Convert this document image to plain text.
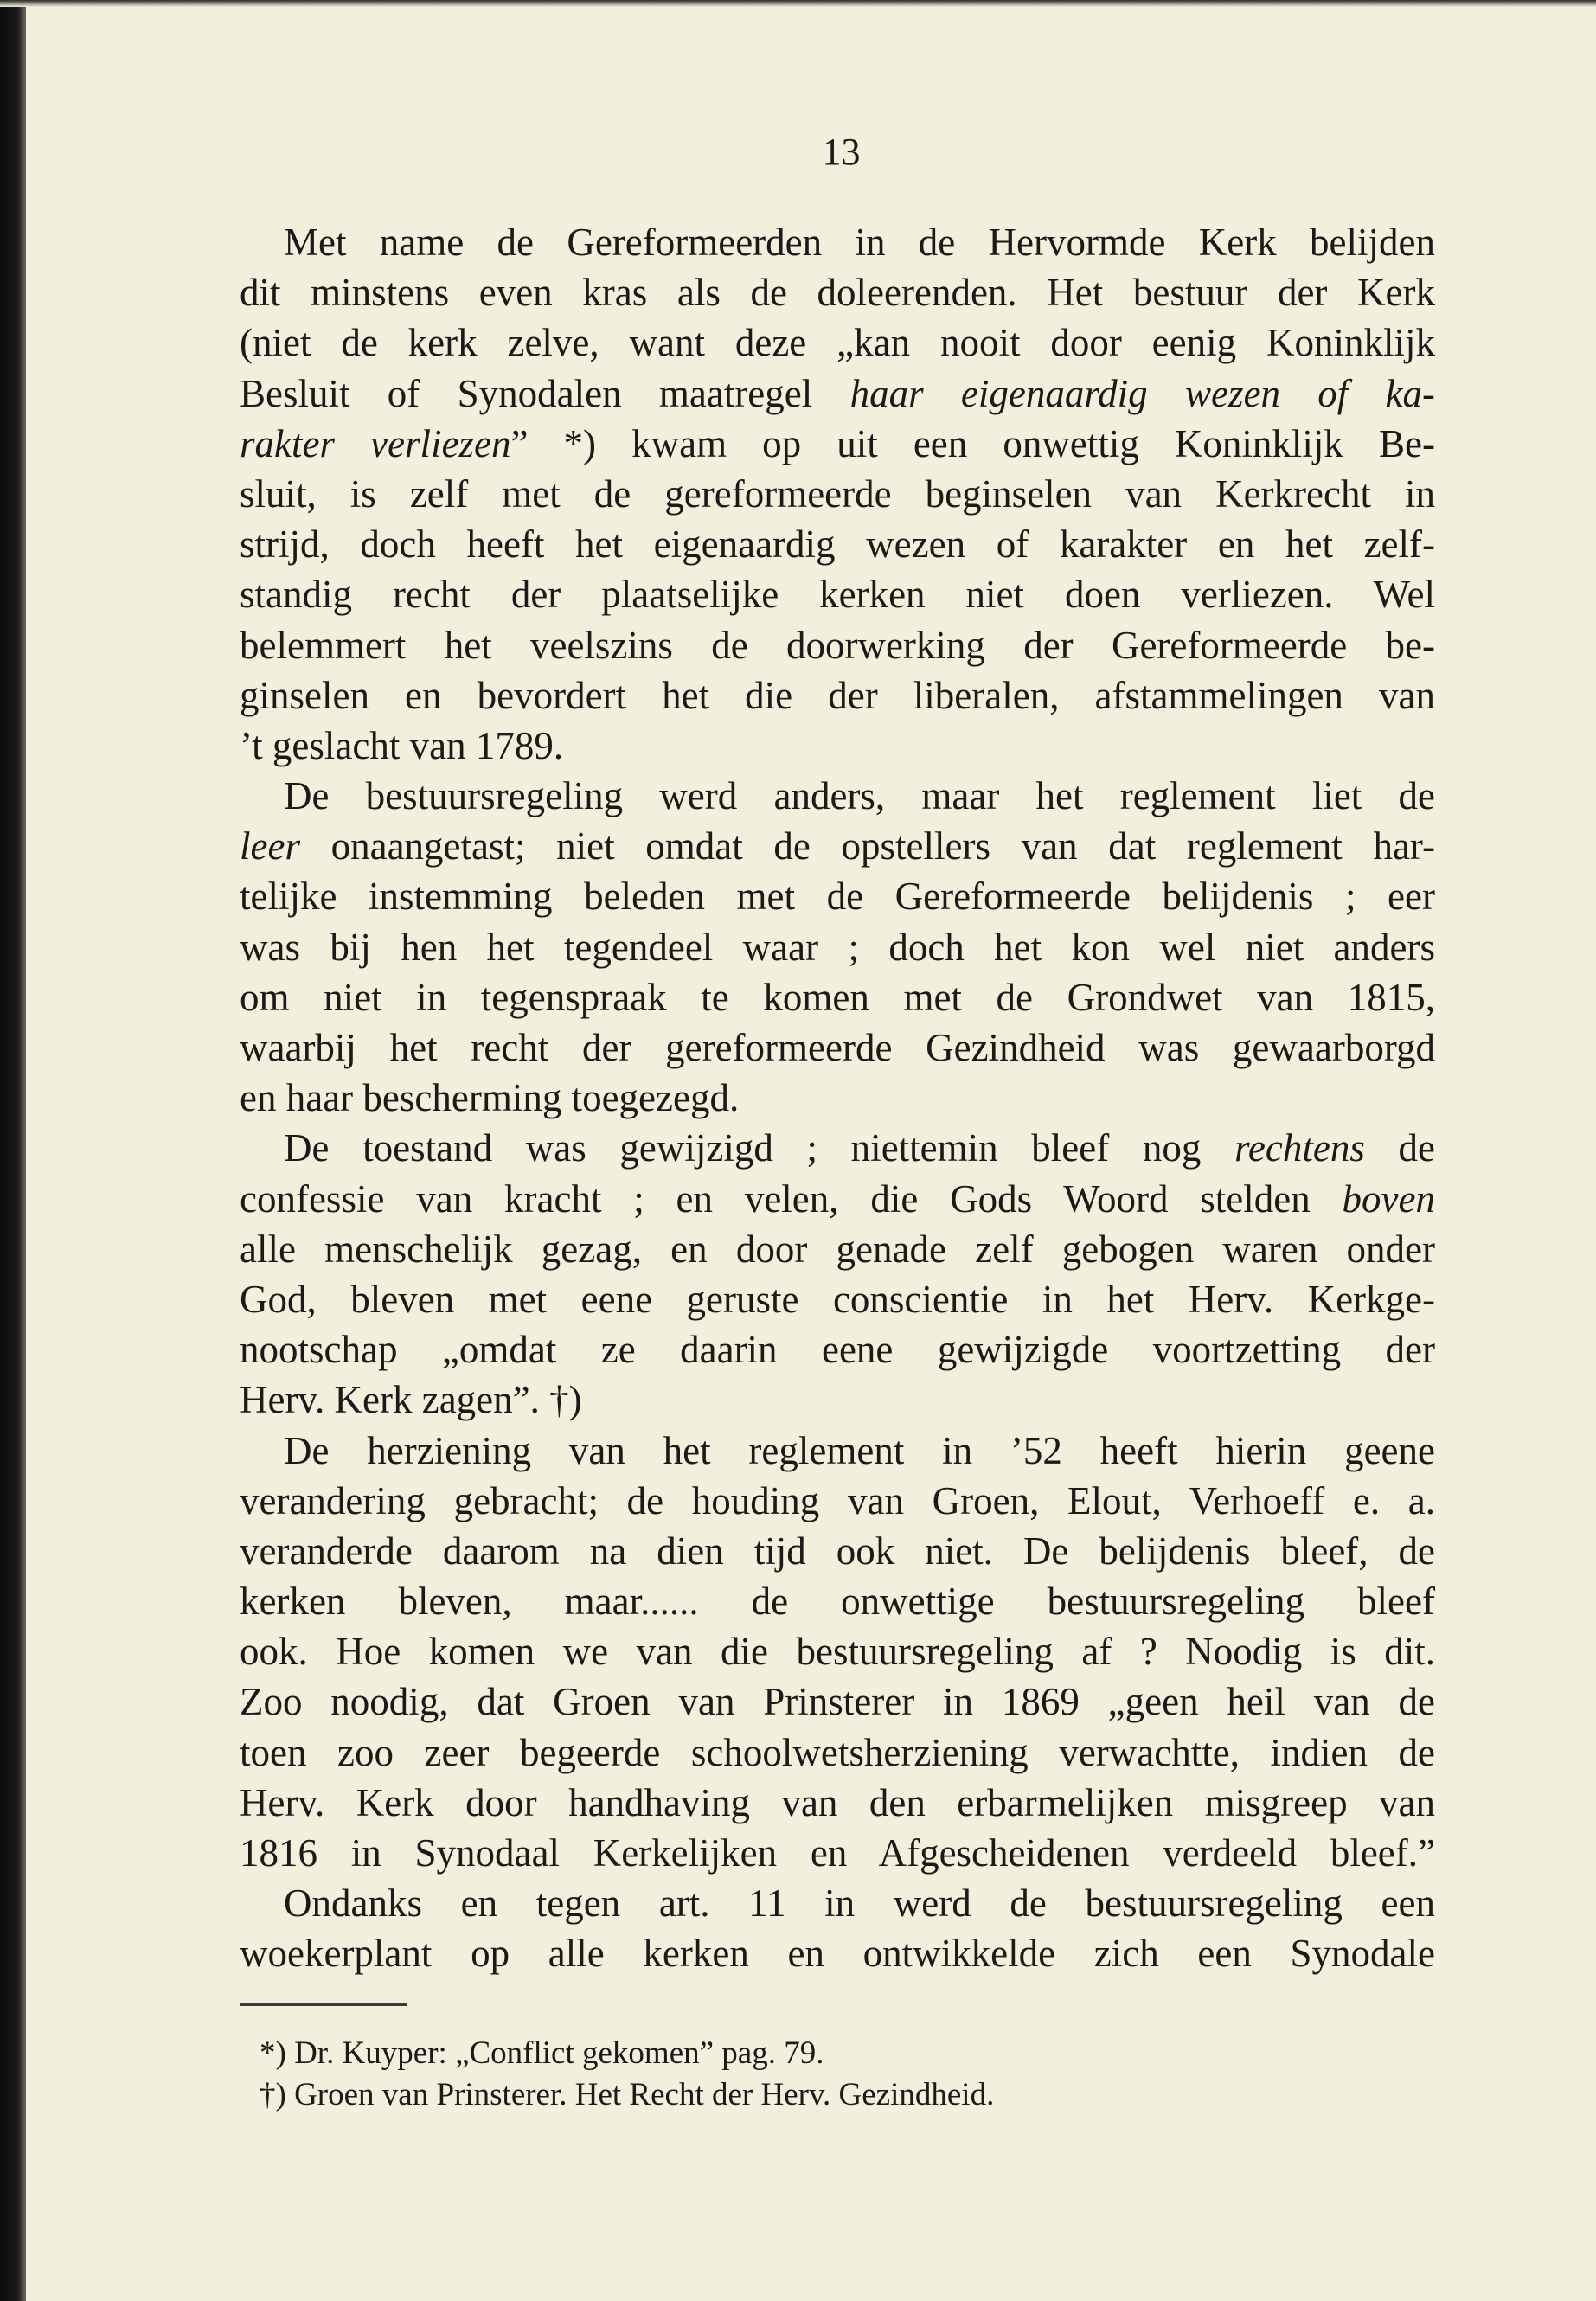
13
Met name de Gereformeerden in de Hervormde Kerk belijden
dit minstens even kras als de doleerenden. Het bestuur der Kerk
(niet de kerk zelve, want deze „kan nooit door eenig Koninklijk
Besluit of Synodalen maatregel haar eigenaardig wezen of ka-
rakter verliezen” *) kwam op uit een onwettig Koninklijk Be-
sluit, is zelf met de gereformeerde beginselen van Kerkrecht in
strijd, doch heeft het eigenaardig wezen of karakter en het zelf-
standig recht der plaatselijke kerken niet doen verliezen. Wel
belemmert het veelszins de doorwerking der Gereformeerde be-
ginselen en bevordert het die der liberalen, afstammelingen van
’t geslacht van 1789.
De bestuursregeling werd anders, maar het reglement liet de
leer onaangetast; niet omdat de opstellers van dat reglement har-
telijke instemming beleden met de Gereformeerde belijdenis ; eer
was bij hen het tegendeel waar ; doch het kon wel niet anders
om niet in tegenspraak te komen met de Grondwet van 1815,
waarbij het recht der gereformeerde Gezindheid was gewaarborgd
en haar bescherming toegezegd.
De toestand was gewijzigd ; niettemin bleef nog rechtens de
confessie van kracht ; en velen, die Gods Woord stelden boven
alle menschelijk gezag, en door genade zelf gebogen waren onder
God, bleven met eene geruste conscientie in het Herv. Kerkge-
nootschap „omdat ze daarin eene gewijzigde voortzetting der
Herv. Kerk zagen”. †)
De herziening van het reglement in ’52 heeft hierin geene
verandering gebracht; de houding van Groen, Elout, Verhoeff e. a.
veranderde daarom na dien tijd ook niet. De belijdenis bleef, de
kerken bleven, maar...... de onwettige bestuursregeling bleef
ook. Hoe komen we van die bestuursregeling af ? Noodig is dit.
Zoo noodig, dat Groen van Prinsterer in 1869 „geen heil van de
toen zoo zeer begeerde schoolwetsherziening verwachtte, indien de
Herv. Kerk door handhaving van den erbarmelijken misgreep van
1816 in Synodaal Kerkelijken en Afgescheidenen verdeeld bleef.”
Ondanks en tegen art. 11 in werd de bestuursregeling een
woekerplant op alle kerken en ontwikkelde zich een Synodale
*) Dr. Kuyper: „Conflict gekomen” pag. 79.
†) Groen van Prinsterer. Het Recht der Herv. Gezindheid.
